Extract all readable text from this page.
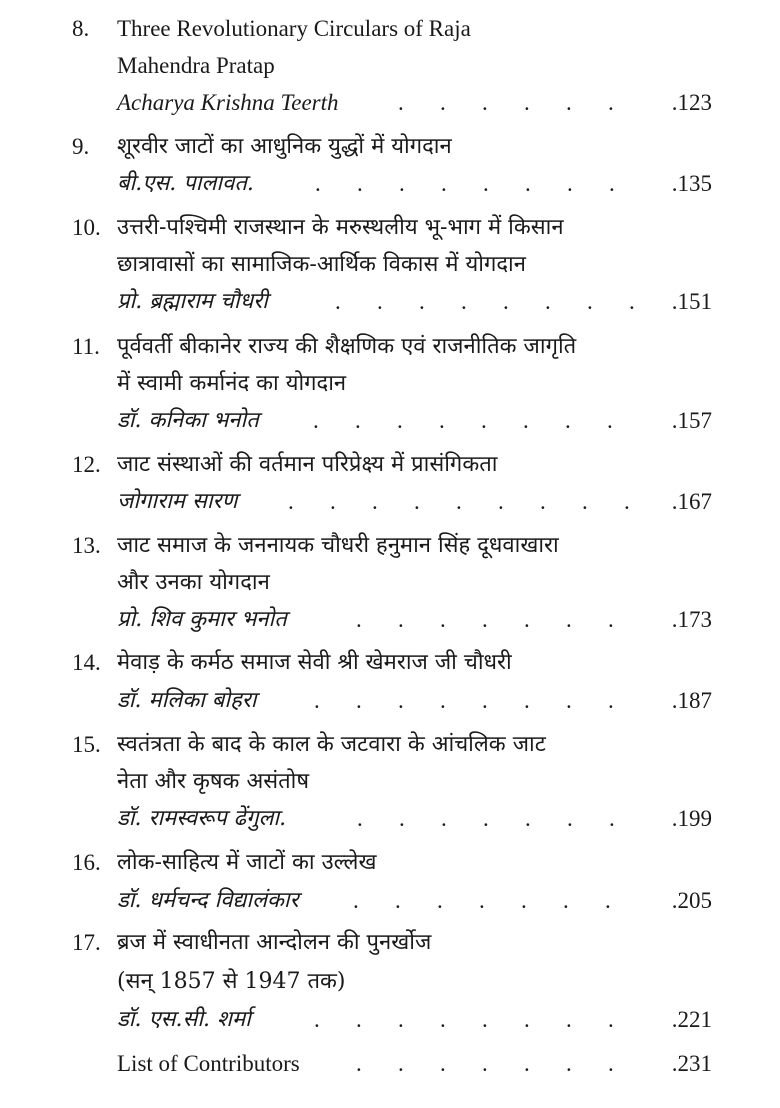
8. Three Revolutionary Circulars of Raja
Mahendra Pratap
Acharya Krishna Teerth	. . . . . .	.123
9. शूरवीर जाटों का आधुनिक युद्धों में योगदान
बी.एस. पालावत.	. . . . . . . . .135
10. उत्तरी-पश्चिमी राजस्थान के मरुस्थलीय भू-भाग में किसान
छात्रावासों का सामाजिक-आर्थिक विकास में योगदान
प्रो. ब्रह्माराम चौधरी	. . . . . . . . .151
11. पूर्ववर्ती बीकानेर राज्य की शैक्षणिक एवं राजनीतिक जागृति
में स्वामी कर्मानंद का योगदान
डॉ. कनिका भनोत . . . . . . . .	.157
12. जाट संस्थाओं की वर्तमान परिप्रेक्ष्य में प्रासंगिकता
जोगाराम सारण . . . . . . . . . .167
13. जाट समाज के जननायक चौधरी हनुमान सिंह दूधवाखारा
और उनका योगदान
प्रो. शिव कुमार भनोत	. . . . . . .	.173
14. मेवाड़ के कर्मठ समाज सेवी श्री खेमराज जी चौधरी
डॉ. मलिका बोहरा	. . . . . . . .	.187
15. स्वतंत्रता के बाद के काल के जटवारा के आंचलिक जाट
नेता और कृषक असंतोष
डॉ. रामस्वरूप ढेंगुला.	. . . . . . . .199
16. लोक-साहित्य में जाटों का उल्लेख
डॉ. धर्मचन्द विद्यालंकार . . . . . . .	.205
17. ब्रज में स्वाधीनता आन्दोलन की पुनर्खोज
(सन् 1857 से 1947 तक)
डॉ. एस.सी. शर्मा	. . . . . . . .	.221
List of Contributors . . . . . . .	.231
